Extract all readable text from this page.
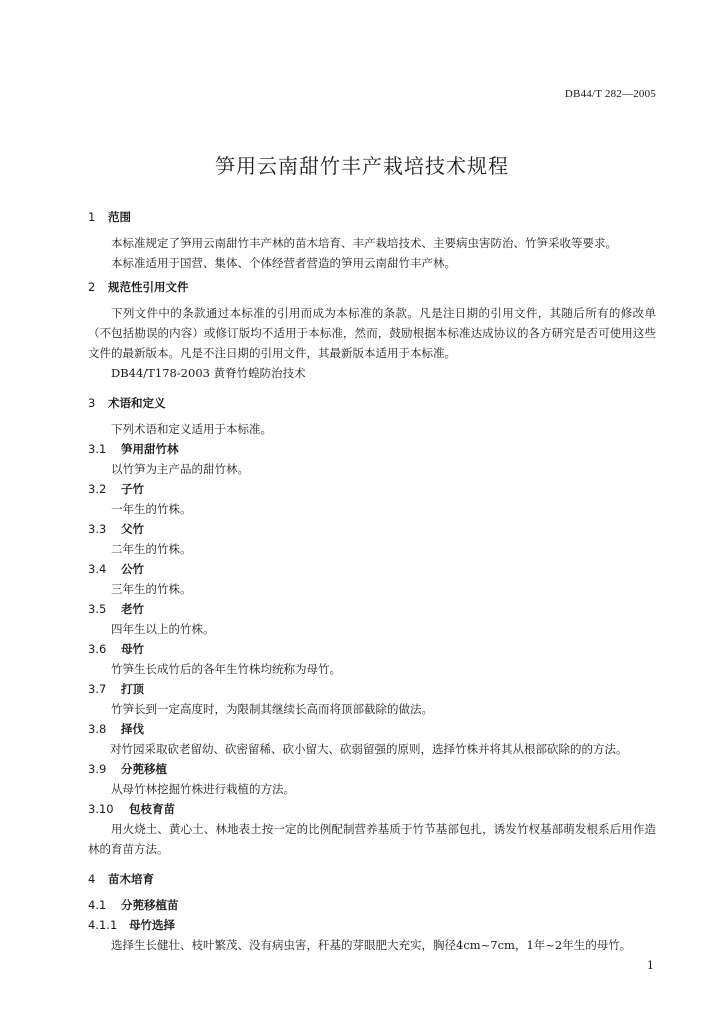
DB44/T 282—2005
笋用云南甜竹丰产栽培技术规程
1 范围
本标准规定了笋用云南甜竹丰产林的苗木培育、丰产栽培技术、主要病虫害防治、竹笋采收等要求。
本标准适用于国营、集体、个体经营者营造的笋用云南甜竹丰产林。
2 规范性引用文件
下列文件中的条款通过本标准的引用而成为本标准的条款。凡是注日期的引用文件，其随后所有的修改单（不包括勘误的内容）或修订版均不适用于本标准，然而，鼓励根据本标准达成协议的各方研究是否可使用这些文件的最新版本。凡是不注日期的引用文件，其最新版本适用于本标准。
DB44/T178-2003 黄脊竹蝗防治技术
3 术语和定义
下列术语和定义适用于本标准。
3.1 笋用甜竹林
以竹笋为主产品的甜竹林。
3.2 子竹
一年生的竹株。
3.3 父竹
二年生的竹株。
3.4 公竹
三年生的竹株。
3.5 老竹
四年生以上的竹株。
3.6 母竹
竹笋生长成竹后的各年生竹株均统称为母竹。
3.7 打顶
竹笋长到一定高度时，为限制其继续长高而将顶部截除的做法。
3.8 择伐
对竹园采取砍老留幼、砍密留稀、砍小留大、砍弱留强的原则，选择竹株并将其从根部砍除的的方法。
3.9 分蔸移植
从母竹林挖掘竹株进行栽植的方法。
3.10 包枝育苗
用火烧土、黄心土、林地表土按一定的比例配制营养基质于竹节基部包扎，诱发竹杈基部萌发根系后用作造林的育苗方法。
4 苗木培育
4.1 分蔸移植苗
4.1.1 母竹选择
选择生长健壮、枝叶繁茂、没有病虫害，秆基的芽眼肥大充实，胸径4cm~7cm，1年~2年生的母竹。
1
